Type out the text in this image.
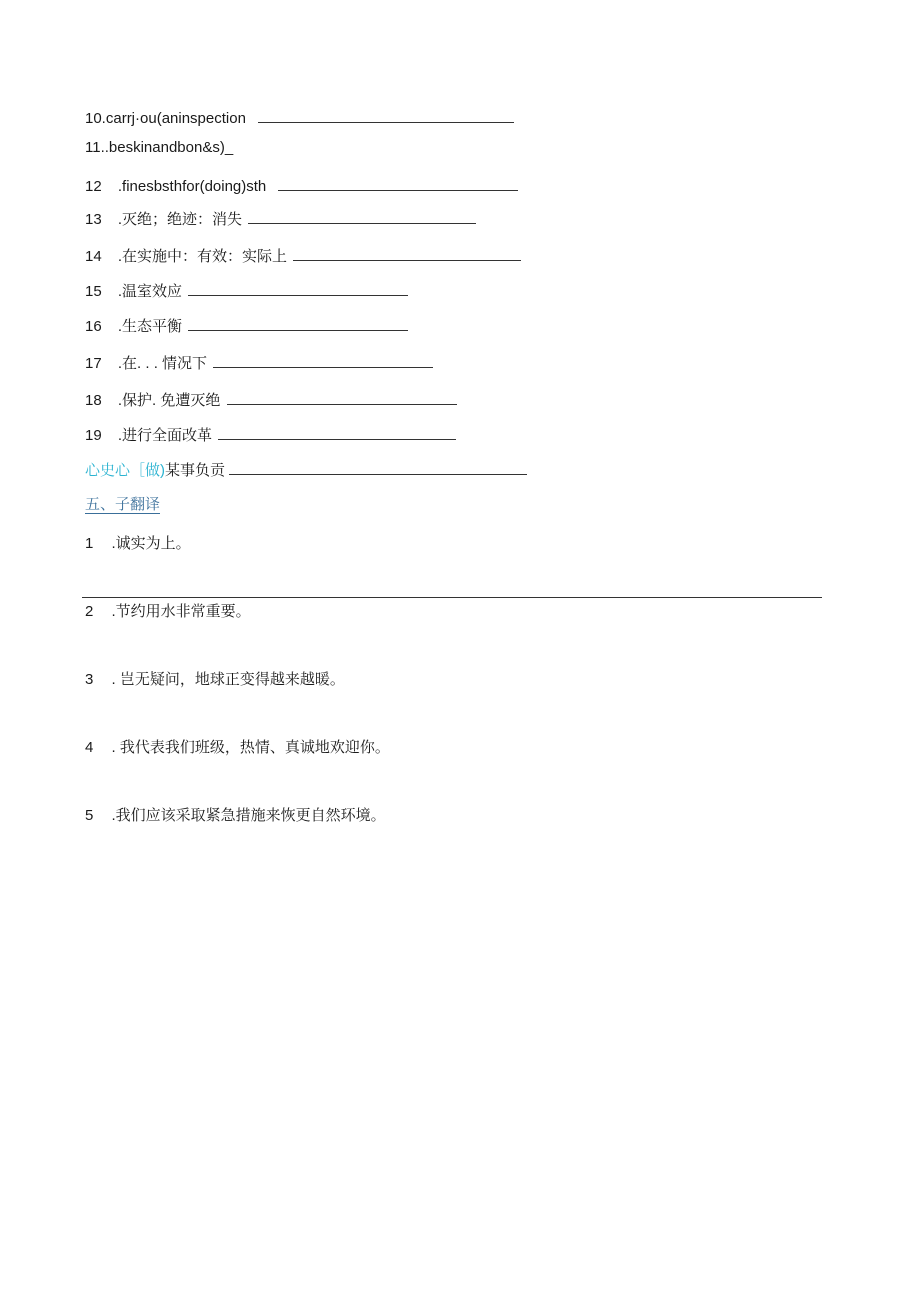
10.carrj·ou(aninspection
11..beskinandbon&s)_
12 .finesbsthfor(doing)sth
13 .灭绝；绝迹：消失
14 .在实施中：有效：实际上
15 .温室效应
16 .生态平衡
17 .在. . . 情况下
18 .保护. 免遭灭绝
19 .进行全面改革
心史心［做)某事负贡
五、子翻译
1 .诚实为上。
2 .节约用水非常重要。
3 . 岂无疑问，地球正变得越来越暖。
4 . 我代表我们班级，热情、真诚地欢迎你。
5 .我们应该采取紧急措施来恢更自然环境。
